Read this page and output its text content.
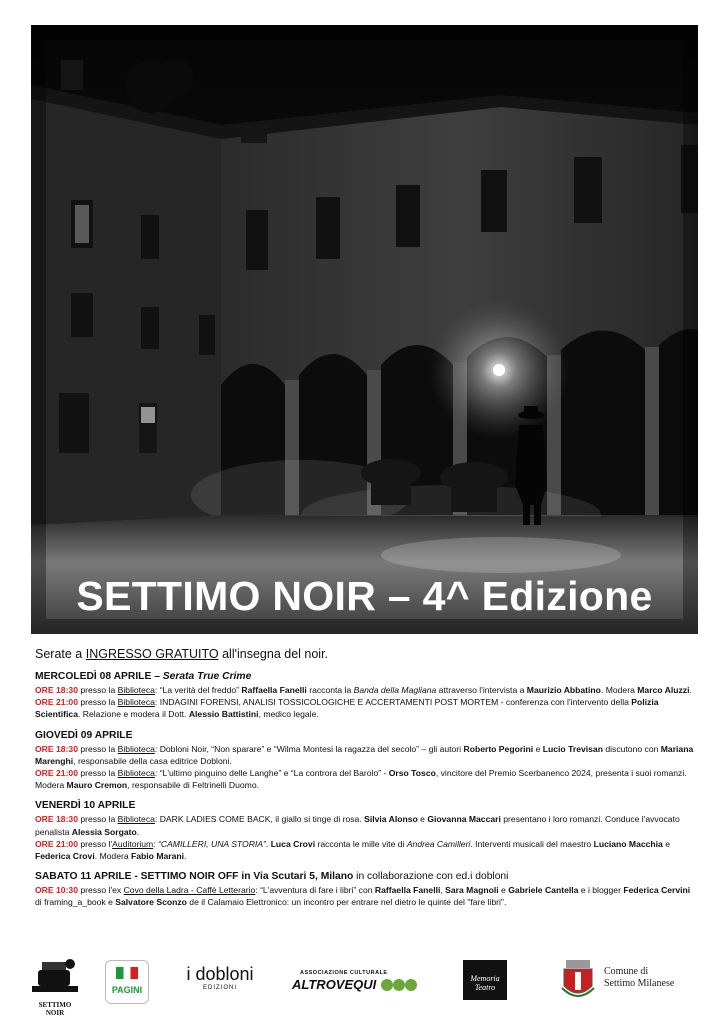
SETTIMO NOIR – 4^ Edizione

Serate a INGRESSO GRATUITO all'insegna del noir.

MERCOLEDÌ 08 APRILE – Serata True Crime
ORE 18:30 presso la Biblioteca: “La verità del freddo” Raffaella Fanelli racconta la Banda della Magliana attraverso l'intervista a Maurizio Abbatino. Modera Marco Aluzzi.
ORE 21:00 presso la Biblioteca: INDAGINI FORENSI, ANALISI TOSSICOLOGICHE E ACCERTAMENTI POST MORTEM - conferenza con l'intervento della Polizia Scientifica. Relazione e modera il Dott. Alessio Battistini, medico legale.
GIOVEDÌ 09 APRILE
ORE 18:30 presso la Biblioteca: Dobloni Noir, “Non sparare” e “Wilma Montesi la ragazza del secolo” – gli autori Roberto Pegorini e Lucio Trevisan discutono con Mariana Marenghi, responsabile della casa editrice Dobloni.
ORE 21:00 presso la Biblioteca: “L'ultimo pinguino delle Langhe” e “La controra del Barolo” - Orso Tosco, vincitore del Premio Scerbanenco 2024, presenta i suoi romanzi. Modera Mauro Cremon, responsabile di Feltrinelli Duomo.
VENERDÌ 10 APRILE
ORE 18:30 presso la Biblioteca: DARK LADIES COME BACK, il giallo si tinge di rosa. Silvia Alonso e Giovanna Maccari presentano i loro romanzi. Conduce l'avvocato penalista Alessia Sorgato.
ORE 21:00 presso l'Auditorium: “CAMILLERI, UNA STORIA”. Luca Crovi racconta le mille vite di Andrea Camilleri. Interventi musicali del maestro Luciano Macchia e Federica Crovi. Modera Fabio Marani.
SABATO 11 APRILE - SETTIMO NOIR OFF in Via Scutari 5, Milano in collaborazione con ed.i dobloni
ORE 10:30 presso l'ex Covo della Ladra - Caffè Letterario: “L'avventura di fare i libri” con Raffaella Fanelli, Sara Magnoli e Gabriele Cantella e i blogger Federica Cervini di framing_a_book e Salvatore Sconzo de il Calamaio Elettronico: un incontro per entrare nel dietro le quinte del "fare libri".
SETTIMO NOIR
PAGINI
i dobloni
EDIZIONI
ASSOCIAZIONE CULTURALE
ALTROVEQUI	Memoria Teatro
Comune di
Settimo Milanese
